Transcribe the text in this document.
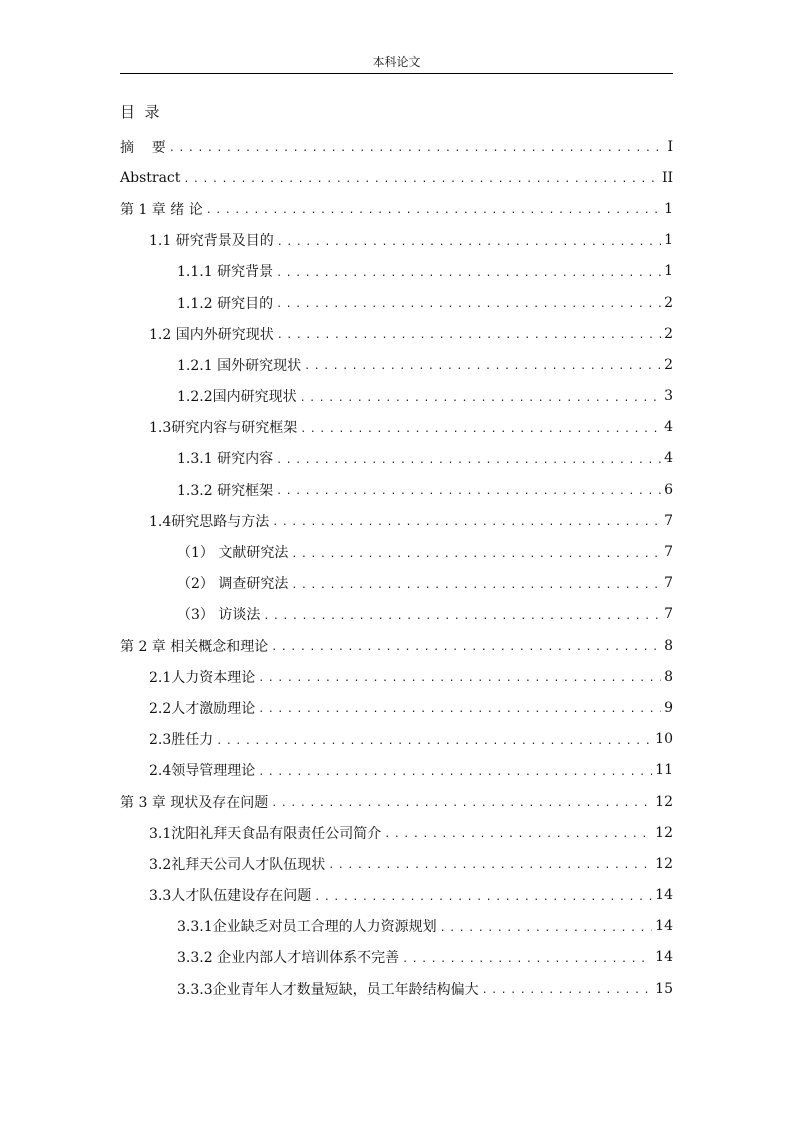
本科论文
目  录
摘    要 .....	I
Abstract .....	II
第 1 章 绪 论 .....	1
1.1 研究背景及目的 .....	1
1.1.1 研究背景 .....	1
1.1.2 研究目的 .....	2
1.2 国内外研究现状 .....	2
1.2.1 国外研究现状 .....	2
1.2.2国内研究现状 .....	3
1.3研究内容与研究框架 .....	4
1.3.1 研究内容 .....	4
1.3.2 研究框架 .....	6
1.4研究思路与方法 .....	7
（1） 文献研究法 .....	7
（2） 调查研究法 .....	7
（3） 访谈法 .....	7
第 2 章 相关概念和理论 .....	8
2.1人力资本理论 .....	8
2.2人才激励理论 .....	9
2.3胜任力 .....	10
2.4领导管理理论 .....	11
第 3 章 现状及存在问题 .....	12
3.1沈阳礼拜天食品有限责任公司简介 .....	12
3.2礼拜天公司人才队伍现状 .....	12
3.3人才队伍建设存在问题 .....	14
3.3.1企业缺乏对员工合理的人力资源规划 .....	14
3.3.2 企业内部人才培训体系不完善 .....	14
3.3.3企业青年人才数量短缺，员工年龄结构偏大 .....	15
